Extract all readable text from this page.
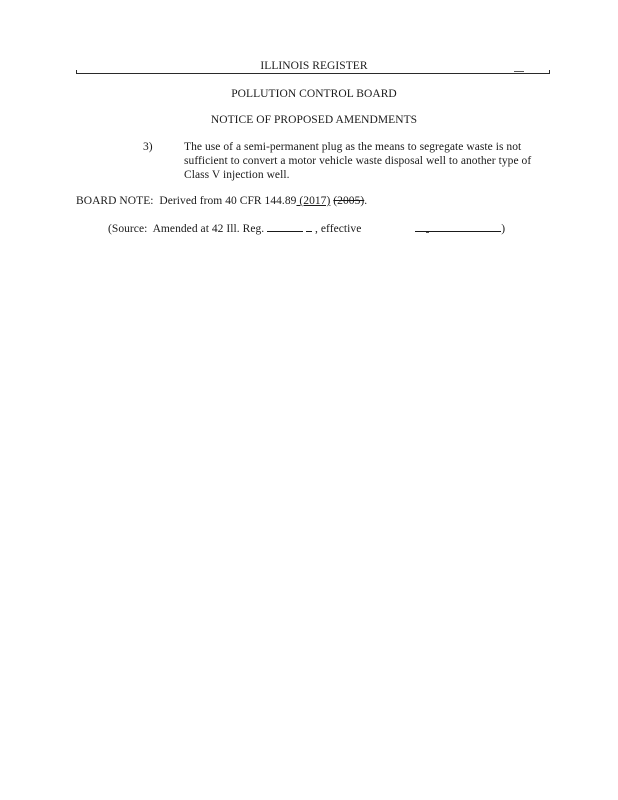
ILLINOIS REGISTER
POLLUTION CONTROL BOARD
NOTICE OF PROPOSED AMENDMENTS
3)	The use of a semi-permanent plug as the means to segregate waste is not
sufficient to convert a motor vehicle waste disposal well to another type of
Class V injection well.
BOARD NOTE: Derived from 40 CFR 144.89 (2017) (2005).
(Source: Amended at 42 Ill. Reg.	, effective	)
